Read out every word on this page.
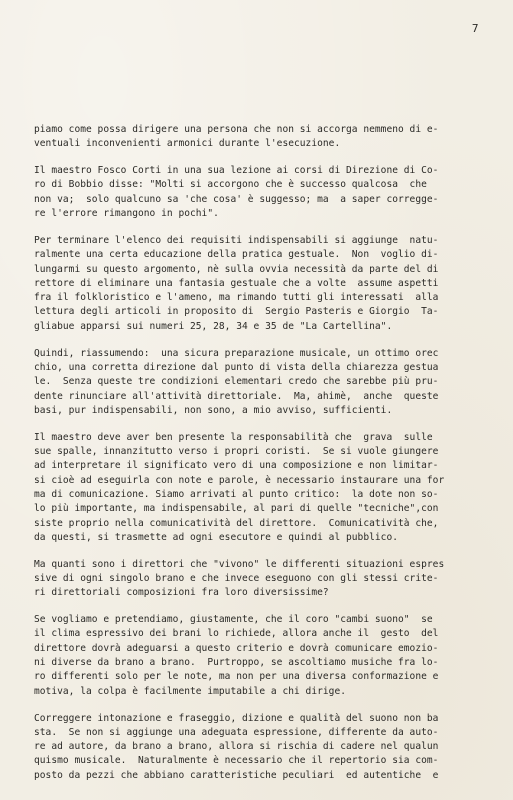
7
piamo come possa dirigere una persona che non si accorga nemmeno di e-
ventuali inconvenienti armonici durante l'esecuzione.
Il maestro Fosco Corti in una sua lezione ai corsi di Direzione di Co-
ro di Bobbio disse: "Molti si accorgono che è successo qualcosa  che
non va;  solo qualcuno sa 'che cosa' è suggesso; ma  a saper corregge-
re l'errore rimangono in pochi".
Per terminare l'elenco dei requisiti indispensabili si aggiunge  natu-
ralmente una certa educazione della pratica gestuale.  Non  voglio di-
lungarmi su questo argomento, nè sulla ovvia necessità da parte del di
rettore di eliminare una fantasia gestuale che a volte  assume aspetti
fra il folkloristico e l'ameno, ma rimando tutti gli interessati  alla
lettura degli articoli in proposito di  Sergio Pasteris e Giorgio  Ta-
gliabue apparsi sui numeri 25, 28, 34 e 35 de "La Cartellina".
Quindi, riassumendo:  una sicura preparazione musicale, un ottimo orec
chio, una corretta direzione dal punto di vista della chiarezza gestua
le.  Senza queste tre condizioni elementari credo che sarebbe più pru-
dente rinunciare all'attività direttoriale.  Ma, ahimè,  anche  queste
basi, pur indispensabili, non sono, a mio avviso, sufficienti.
Il maestro deve aver ben presente la responsabilità che  grava  sulle
sue spalle, innanzitutto verso i propri coristi.  Se si vuole giungere
ad interpretare il significato vero di una composizione e non limitar-
si cioè ad eseguirla con note e parole, è necessario instaurare una for
ma di comunicazione. Siamo arrivati al punto critico:  la dote non so-
lo più importante, ma indispensabile, al pari di quelle "tecniche",con
siste proprio nella comunicatività del direttore.  Comunicatività che,
da questi, si trasmette ad ogni esecutore e quindi al pubblico.
Ma quanti sono i direttori che "vivono" le differenti situazioni espres
sive di ogni singolo brano e che invece eseguono con gli stessi crite-
ri direttoriali composizioni fra loro diversissime?
Se vogliamo e pretendiamo, giustamente, che il coro "cambi suono"  se
il clima espressivo dei brani lo richiede, allora anche il  gesto  del
direttore dovrà adeguarsi a questo criterio e dovrà comunicare emozio-
ni diverse da brano a brano.  Purtroppo, se ascoltiamo musiche fra lo-
ro differenti solo per le note, ma non per una diversa conformazione e
motiva, la colpa è facilmente imputabile a chi dirige.
Correggere intonazione e fraseggio, dizione e qualità del suono non ba
sta.  Se non si aggiunge una adeguata espressione, differente da auto-
re ad autore, da brano a brano, allora si rischia di cadere nel qualun
quismo musicale.  Naturalmente è necessario che il repertorio sia com-
posto da pezzi che abbiano caratteristiche peculiari  ed autentiche  e
